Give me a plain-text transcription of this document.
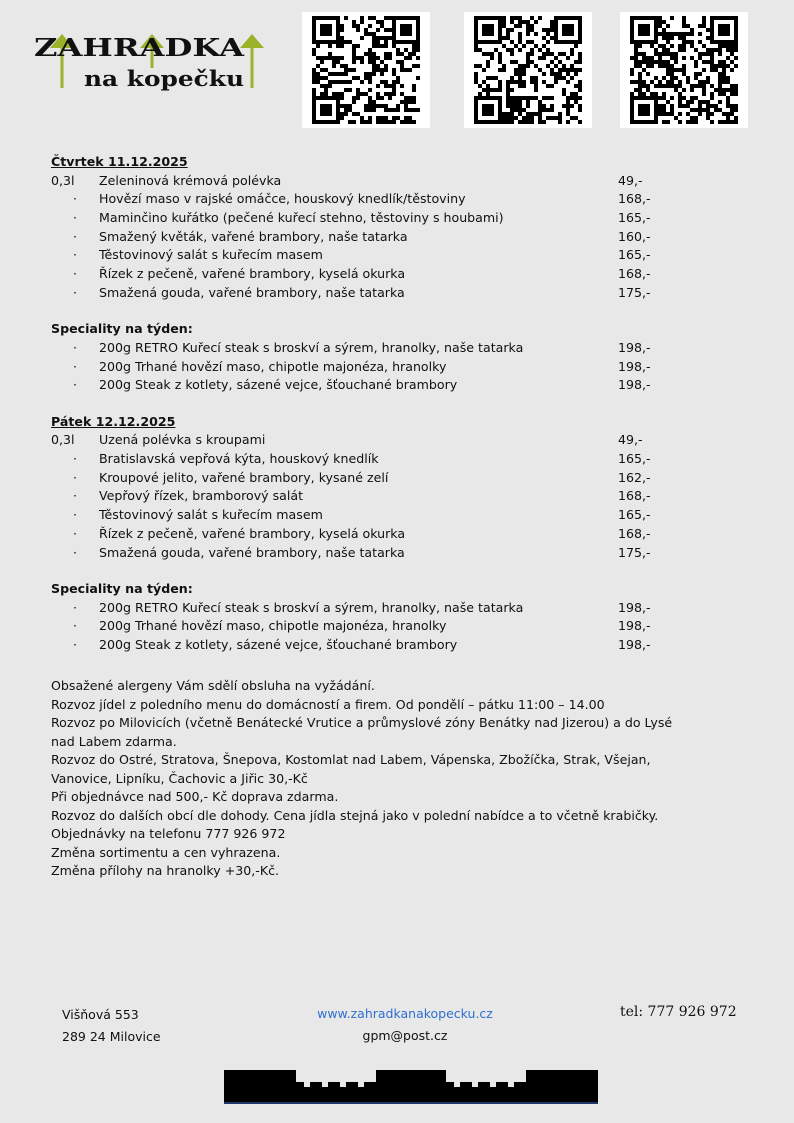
ZAHRADKA
na kopečku
Čtvrtek 11.12.2025
0,3l Zeleninová krémová polévka	49,-
· Hovězí maso v rajské omáčce, houskový knedlík/těstoviny	168,-
· Maminčino kuřátko (pečené kuřecí stehno, těstoviny s houbami)	165,-
· Smažený květák, vařené brambory, naše tatarka	160,-
· Těstovinový salát s kuřecím masem	165,-
· Řízek z pečeně, vařené brambory, kyselá okurka	168,-
· Smažená gouda, vařené brambory, naše tatarka	175,-
Speciality na týden:
· 200g RETRO Kuřecí steak s broskví a sýrem, hranolky, naše tatarka	198,-
· 200g Trhané hovězí maso, chipotle majonéza, hranolky	198,-
· 200g Steak z kotlety, sázené vejce, šťouchané brambory	198,-
Pátek 12.12.2025
0,3l Uzená polévka s kroupami	49,-
· Bratislavská vepřová kýta, houskový knedlík	165,-
· Kroupové jelito, vařené brambory, kysané zelí	162,-
· Vepřový řízek, bramborový salát	168,-
· Těstovinový salát s kuřecím masem	165,-
· Řízek z pečeně, vařené brambory, kyselá okurka	168,-
· Smažená gouda, vařené brambory, naše tatarka	175,-
Speciality na týden:
· 200g RETRO Kuřecí steak s broskví a sýrem, hranolky, naše tatarka	198,-
· 200g Trhané hovězí maso, chipotle majonéza, hranolky	198,-
· 200g Steak z kotlety, sázené vejce, šťouchané brambory	198,-
Obsažené alergeny Vám sdělí obsluha na vyžádání.
Rozvoz jídel z poledního menu do domácností a firem. Od pondělí – pátku 11:00 – 14.00
Rozvoz po Milovicích (včetně Benátecké Vrutice a průmyslové zóny Benátky nad Jizerou) a do Lysé nad Labem zdarma.
Rozvoz do Ostré, Stratova, Šnepova, Kostomlat nad Labem, Vápenska, Zbožíčka, Strak, Všejan, Vanovice, Lipníku, Čachovic a Jiřic 30,-Kč
Při objednávce nad 500,- Kč doprava zdarma.
Rozvoz do dalších obcí dle dohody. Cena jídla stejná jako v polední nabídce a to včetně krabičky.
Objednávky na telefonu 777 926 972
Změna sortimentu a cen vyhrazena.
Změna přílohy na hranolky +30,-Kč.
Višňová 553
289 24 Milovice
www.zahradkanakopecku.cz
gpm@post.cz
tel: 777 926 972
